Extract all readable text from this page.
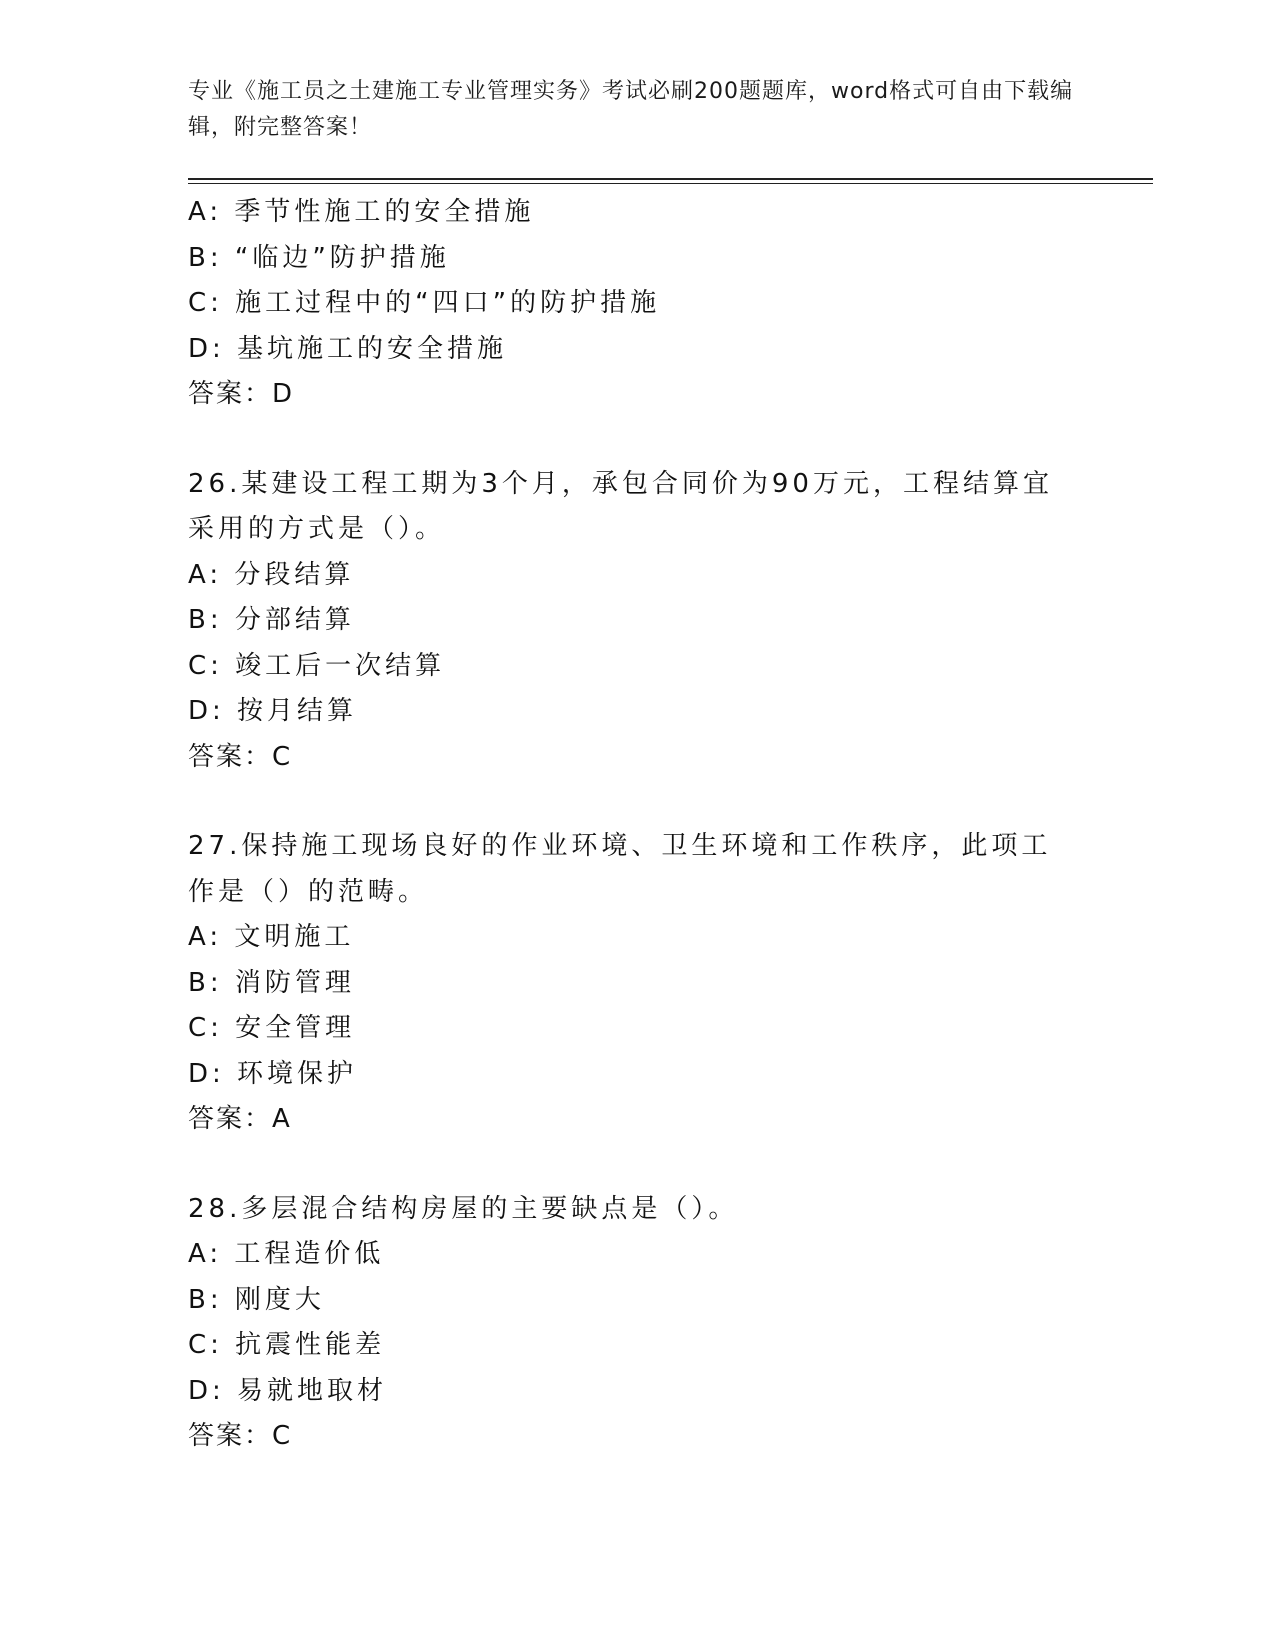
专业《施工员之土建施工专业管理实务》考试必刷200题题库，word格式可自由下载编辑，附完整答案！
A: 季节性施工的安全措施
B: “临边”防护措施
C: 施工过程中的“四口”的防护措施
D: 基坑施工的安全措施
答案：D
26.某建设工程工期为3个月，承包合同价为90万元，工程结算宜采用的方式是（）。
A: 分段结算
B: 分部结算
C: 竣工后一次结算
D: 按月结算
答案：C
27.保持施工现场良好的作业环境、卫生环境和工作秩序，此项工作是（）的范畴。
A: 文明施工
B: 消防管理
C: 安全管理
D: 环境保护
答案：A
28.多层混合结构房屋的主要缺点是（）。
A: 工程造价低
B: 刚度大
C: 抗震性能差
D: 易就地取材
答案：C
